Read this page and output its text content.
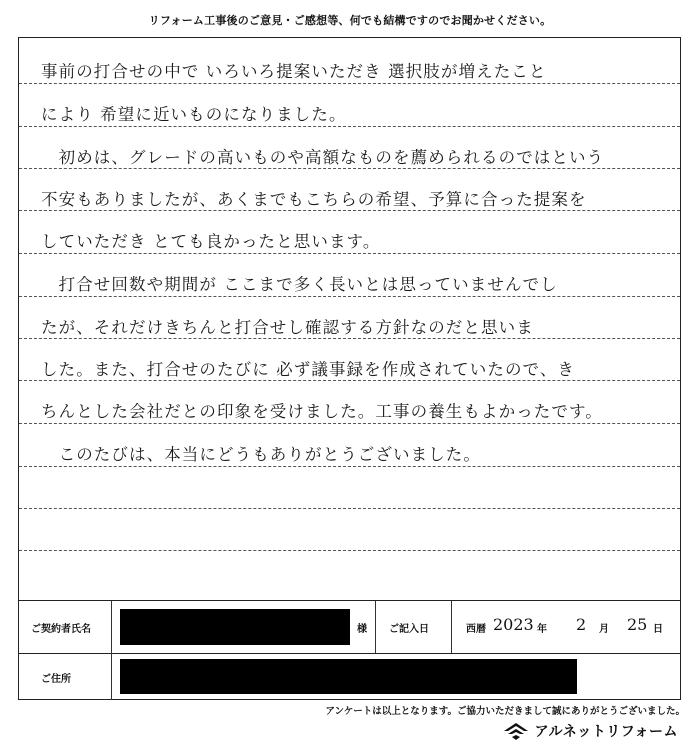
リフォーム工事後のご意見・ご感想等、何でも結構ですのでお聞かせください。
事前の打合せの中で いろいろ提案いただき 選択肢が増えたこと
により 希望に近いものになりました。
　初めは、グレードの高いものや高額なものを薦められるのではという
不安もありましたが、あくまでもこちらの希望、予算に合った提案を
していただき とても良かったと思います。
　打合せ回数や期間が ここまで多く長いとは思っていませんでし
たが、それだけきちんと打合せし確認する方針なのだと思いま
した。また、打合せのたびに 必ず議事録を作成されていたので、き
ちんとした会社だとの印象を受けました。工事の養生もよかったです。
　このたびは、本当にどうもありがとうございました。
ご契約者氏名	様 ご記入日	西暦 2023 年 2 月 25 日
ご住所
アンケートは以上となります。ご協力いただきまして誠にありがとうございました。
アルネットリフォーム
